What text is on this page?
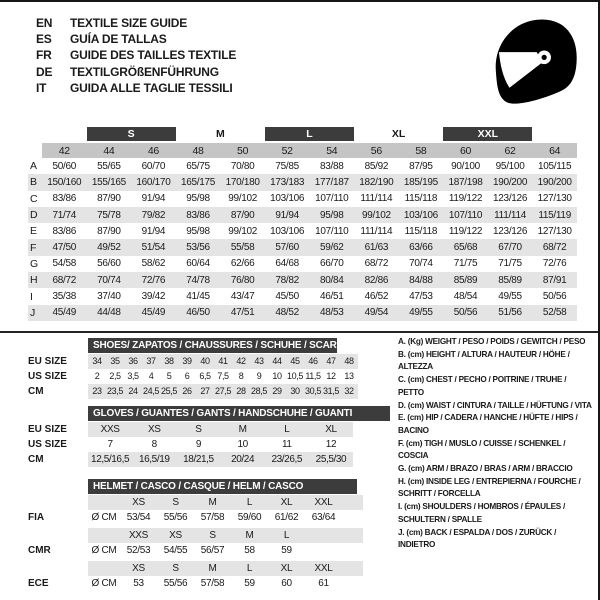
EN	TEXTILE SIZE GUIDE
ES	GUÍA DE TALLAS
FR	GUIDE DES TAILLES TEXTILE
DE	TEXTILGRÖßENFÜHRUNG
IT	GUIDA ALLE TAGLIE TESSILI
		S		M		L		XL		XXL		
	42	44	46	48	50	52	54	56	58	60	62	64
A	50/60	55/65	60/70	65/75	70/80	75/85	83/88	85/92	87/95	90/100	95/100	105/115
B	150/160	155/165	160/170	165/175	170/180	173/183	177/187	182/190	185/195	187/198	190/200	190/200
C	83/86	87/90	91/94	95/98	99/102	103/106	107/110	111/114	115/118	119/122	123/126	127/130
D	71/74	75/78	79/82	83/86	87/90	91/94	95/98	99/102	103/106	107/110	111/114	115/119
E	83/86	87/90	91/94	95/98	99/102	103/106	107/110	111/114	115/118	119/122	123/126	127/130
F	47/50	49/52	51/54	53/56	55/58	57/60	59/62	61/63	63/66	65/68	67/70	68/72
G	54/58	56/60	58/62	60/64	62/66	64/68	66/70	68/72	70/74	71/75	71/75	72/76
H	68/72	70/74	72/76	74/78	76/80	78/82	80/84	82/86	84/88	85/89	85/89	87/91
I	35/38	37/40	39/42	41/45	43/47	45/50	46/51	46/52	47/53	48/54	49/55	50/56
J	45/49	44/48	45/49	46/50	47/51	48/52	48/53	49/54	49/55	50/56	51/56	52/58
SHOES/ ZAPATOS / CHAUSSURES / SCHUHE / SCARPE
EU SIZE	34 35 36 37 38 39 40 41 42 43 44 45 46 47 48
US SIZE	2	2,5 3,5	4	5	6	6,5 7,5	8	9	10 10,5 11,5 12 13
CM	23 23,5 24 24,5 25,5 26 27 27,5 28 28,5 29 30 30,5 31,5 32
GLOVES / GUANTES / GANTS / HANDSCHUHE / GUANTI
EU SIZE	XXS	XS	S	M	L	XL
US SIZE	7	8	9	10	11	12
CM	12,5/16,5 16,5/19	18/21,5	20/24	23/26,5	25,5/30
HELMET / CASCO / CASQUE / HELM / CASCO
XS	S	M	L	XL	XXL
FIA	Ø CM	53/54	55/56	57/58	59/60	61/62	63/64
XXS	XS	S	M	L
CMR	Ø CM	52/53	54/55	56/57	58	59
XS	S	M	L	XL	XXL
ECE	Ø CM	53	55/56	57/58	59	60	61
A. (Kg) WEIGHT / PESO / POIDS / GEWITCH / PESO
B. (cm) HEIGHT / ALTURA / HAUTEUR / HÖHE / ALTEZZA
C. (cm) CHEST / PECHO / POITRINE / TRUHE / PETTO
D. (cm) WAIST / CINTURA / TAILLE / HÜFTUNG / VITA
E. (cm) HIP / CADERA / HANCHE / HÜFTE / HIPS / BACINO
F. (cm) TIGH / MUSLO / CUISSE / SCHENKEL / COSCIA
G. (cm) ARM / BRAZO / BRAS / ARM / BRACCIO
H. (cm) INSIDE LEG / ENTREPIERNA / FOURCHE / SCHRITT / FORCELLA
I. (cm) SHOULDERS / HOMBROS / ÉPAULES / SCHULTERN / SPALLE
J. (cm) BACK / ESPALDA / DOS / ZURÜCK / INDIETRO
